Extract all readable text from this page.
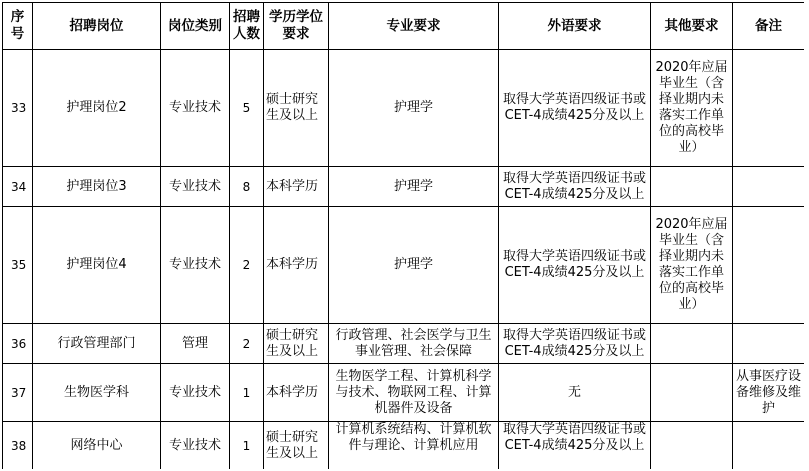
序号	招聘岗位	岗位类别	招聘人数	学历学位要求	专业要求	外语要求	其他要求	备注
33	护理岗位2	专业技术	5	硕士研究生及以上	护理学	取得大学英语四级证书或CET-4成绩425分及以上	2020年应届毕业生（含择业期内未落实工作单位的高校毕业）	
34	护理岗位3	专业技术	8	本科学历	护理学	取得大学英语四级证书或CET-4成绩425分及以上		

35	护理岗位4	专业技术	2	本科学历	护理学	取得大学英语四级证书或CET-4成绩425分及以上	2020年应届毕业生（含择业期内未落实工作单位的高校毕业）	
36	行政管理部门	管理	2	硕士研究生及以上	行政管理、社会医学与卫生事业管理、社会保障	取得大学英语四级证书或CET-4成绩425分及以上		

37	生物医学科	专业技术	1	本科学历	生物医学工程、计算机科学与技术、物联网工程、计算机器件及设备	无		从事医疗设备维修及维护
38	网络中心	专业技术	1	硕士研究生及以上	计算机系统结构、计算机软件与理论、计算机应用	取得大学英语四级证书或CET-4成绩425分及以上		
